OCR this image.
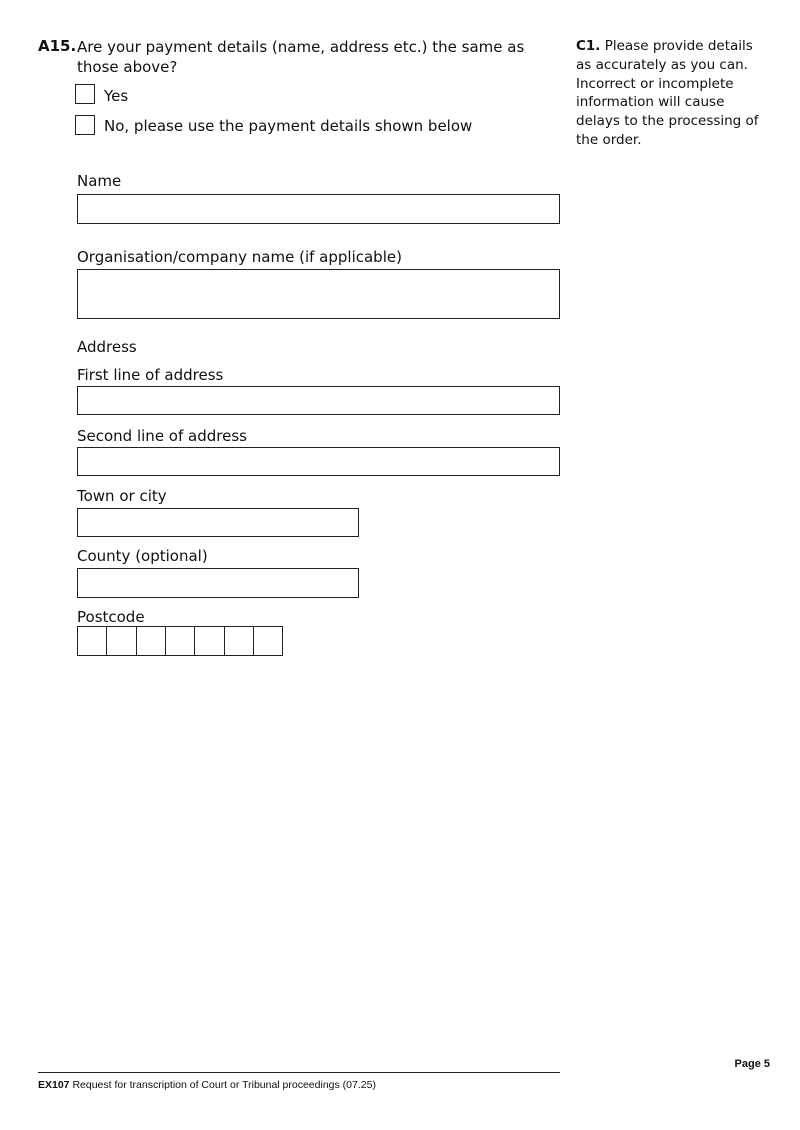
A15. Are your payment details (name, address etc.) the same as those above?
Yes
No, please use the payment details shown below
C1. Please provide details as accurately as you can. Incorrect or incomplete information will cause delays to the processing of the order.
Name
Organisation/company name (if applicable)
Address
First line of address
Second line of address
Town or city
County (optional)
Postcode
Page 5
EX107 Request for transcription of Court or Tribunal proceedings (07.25)
